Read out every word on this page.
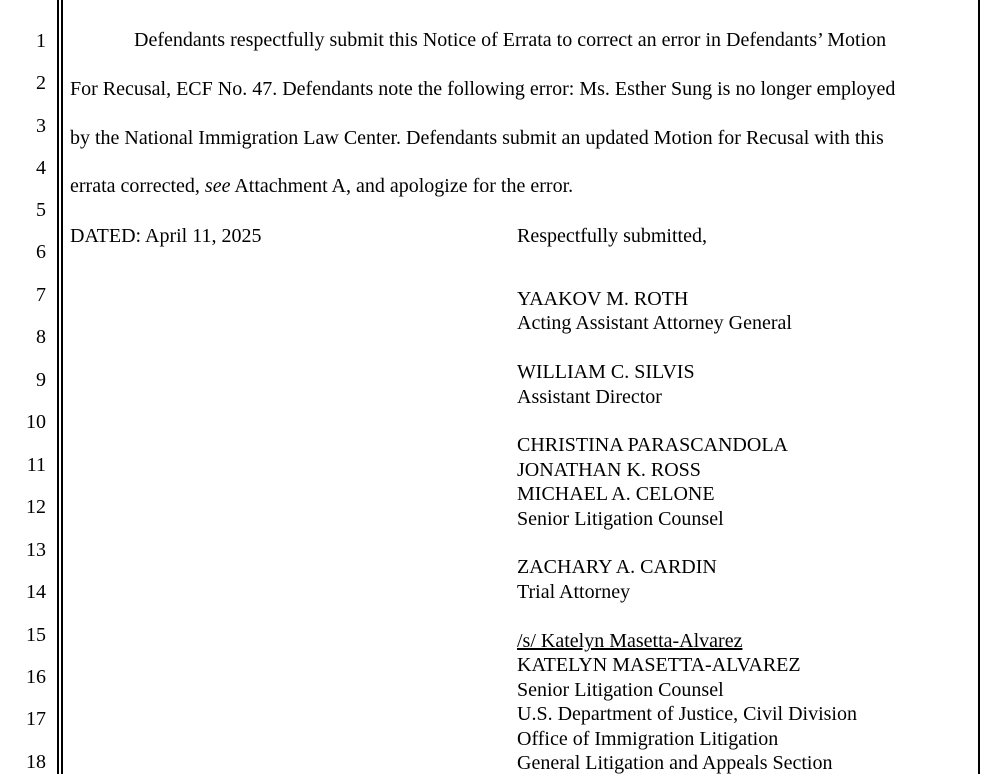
1
2
3
4
5
6
7
8
9
10
11
12
13
14
15
16
17
18
Defendants respectfully submit this Notice of Errata to correct an error in Defendants’ Motion
For Recusal, ECF No. 47. Defendants note the following error: Ms. Esther Sung is no longer employed
by the National Immigration Law Center. Defendants submit an updated Motion for Recusal with this
errata corrected, see Attachment A, and apologize for the error.
DATED: April 11, 2025	Respectfully submitted,
YAAKOV M. ROTH
Acting Assistant Attorney General
WILLIAM C. SILVIS
Assistant Director
CHRISTINA PARASCANDOLA
JONATHAN K. ROSS
MICHAEL A. CELONE
Senior Litigation Counsel
ZACHARY A. CARDIN
Trial Attorney
/s/ Katelyn Masetta-Alvarez
KATELYN MASETTA-ALVAREZ
Senior Litigation Counsel
U.S. Department of Justice, Civil Division
Office of Immigration Litigation
General Litigation and Appeals Section
